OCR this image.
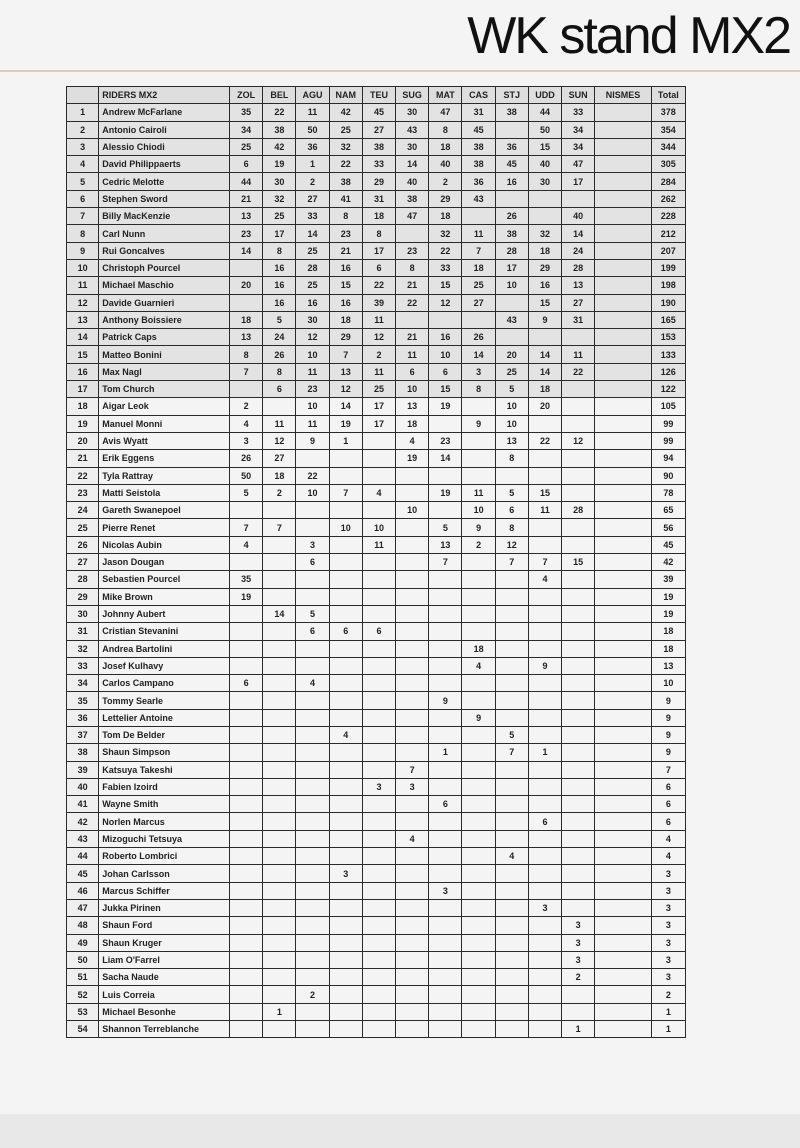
WK stand MX2
	RIDERS MX2	ZOL	BEL	AGU	NAM	TEU	SUG	MAT	CAS	STJ	UDD	SUN	NISMES	Total
1	Andrew McFarlane	35	22	11	42	45	30	47	31	38	44	33		378
2	Antonio Cairoli	34	38	50	25	27	43	8	45		50	34		354
3	Alessio Chiodi	25	42	36	32	38	30	18	38	36	15	34		344
4	David Philippaerts	6	19	1	22	33	14	40	38	45	40	47		305
5	Cedric Melotte	44	30	2	38	29	40	2	36	16	30	17		284
6	Stephen Sword	21	32	27	41	31	38	29	43					262
7	Billy MacKenzie	13	25	33	8	18	47	18		26		40		228
8	Carl Nunn	23	17	14	23	8		32	11	38	32	14		212
9	Rui Goncalves	14	8	25	21	17	23	22	7	28	18	24		207
10	Christoph Pourcel		16	28	16	6	8	33	18	17	29	28		199
11	Michael Maschio	20	16	25	15	22	21	15	25	10	16	13		198
12	Davide Guarnieri		16	16	16	39	22	12	27		15	27		190
13	Anthony Boissiere	18	5	30	18	11				43	9	31		165
14	Patrick Caps	13	24	12	29	12	21	16	26					153
15	Matteo Bonini	8	26	10	7	2	11	10	14	20	14	11		133
16	Max Nagl	7	8	11	13	11	6	6	3	25	14	22		126
17	Tom Church		6	23	12	25	10	15	8	5	18			122
18	Aigar Leok	2		10	14	17	13	19		10	20			105
19	Manuel Monni	4	11	11	19	17	18		9	10				99
20	Avis Wyatt	3	12	9	1		4	23		13	22	12		99
21	Erik Eggens	26	27				19	14		8				94
22	Tyla Rattray	50	18	22										90
23	Matti Seistola	5	2	10	7	4		19	11	5	15			78
24	Gareth Swanepoel						10		10	6	11	28		65
25	Pierre Renet	7	7		10	10		5	9	8				56
26	Nicolas Aubin	4		3		11		13	2	12				45
27	Jason Dougan			6				7		7	7	15		42
28	Sebastien Pourcel	35									4			39
29	Mike Brown	19												19
30	Johnny Aubert		14	5										19
31	Cristian Stevanini			6	6	6								18
32	Andrea Bartolini								18					18
33	Josef Kulhavy								4		9			13
34	Carlos Campano	6		4										10
35	Tommy Searle							9						9
36	Lettelier Antoine								9					9
37	Tom De Belder				4					5				9
38	Shaun Simpson							1		7	1			9
39	Katsuya Takeshi						7							7
40	Fabien Izoird					3	3							6
41	Wayne Smith							6						6
42	Norlen Marcus										6			6
43	Mizoguchi Tetsuya						4							4
44	Roberto Lombrici									4				4
45	Johan Carlsson				3									3
46	Marcus Schiffer							3						3
47	Jukka Pirinen										3			3
48	Shaun Ford											3		3
49	Shaun Kruger											3		3
50	Liam O'Farrel											3		3
51	Sacha Naude											2		3
52	Luis Correia			2										2
53	Michael Besonhe		1											1
54	Shannon Terreblanche											1		1
